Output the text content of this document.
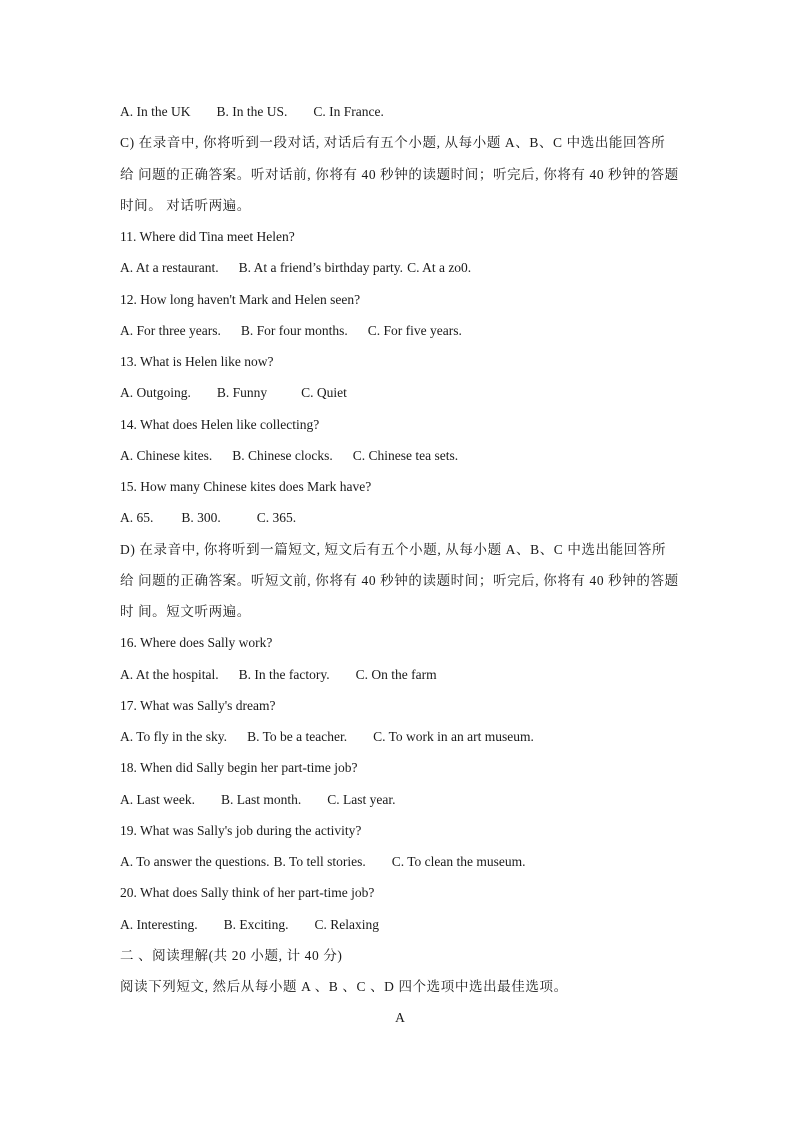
A. In the UK B. In the US. C. In France.
C) 在录音中, 你将听到一段对话, 对话后有五个小题, 从每小题 A、B、C 中选出能回答所
给 问题的正确答案。听对话前, 你将有 40 秒钟的读题时间；听完后, 你将有 40 秒钟的答题
时间。 对话听两遍。
11. Where did Tina meet Helen?
A. At a restaurant. B. At a friend’s birthday party. C. At a zo0.
12. How long haven't Mark and Helen seen?
A. For three years. B. For four months. C. For five years.
13. What is Helen like now?
A. Outgoing. B. Funny	C. Quiet
14. What does Helen like collecting?
A. Chinese kites. B. Chinese clocks. C. Chinese tea sets.
15. How many Chinese kites does Mark have?
A. 65. B. 300.	C. 365.
D) 在录音中, 你将听到一篇短文, 短文后有五个小题, 从每小题 A、B、C 中选出能回答所
给 问题的正确答案。听短文前, 你将有 40 秒钟的读题时间；听完后, 你将有 40 秒钟的答题
时 间。短文听两遍。
16. Where does Sally work?
A. At the hospital. B. In the factory. C. On the farm
17. What was Sally's dream?
A. To fly in the sky. B. To be a teacher. C. To work in an art museum.
18. When did Sally begin her part-time job?
A. Last week. B. Last month. C. Last year.
19. What was Sally's job during the activity?
A. To answer the questions. B. To tell stories. C. To clean the museum.
20. What does Sally think of her part-time job?
A. Interesting. B. Exciting. C. Relaxing
二 、阅读理解(共 20 小题, 计 40 分)
阅读下列短文, 然后从每小题 A 、B 、C 、D 四个选项中选出最佳选项。
A
